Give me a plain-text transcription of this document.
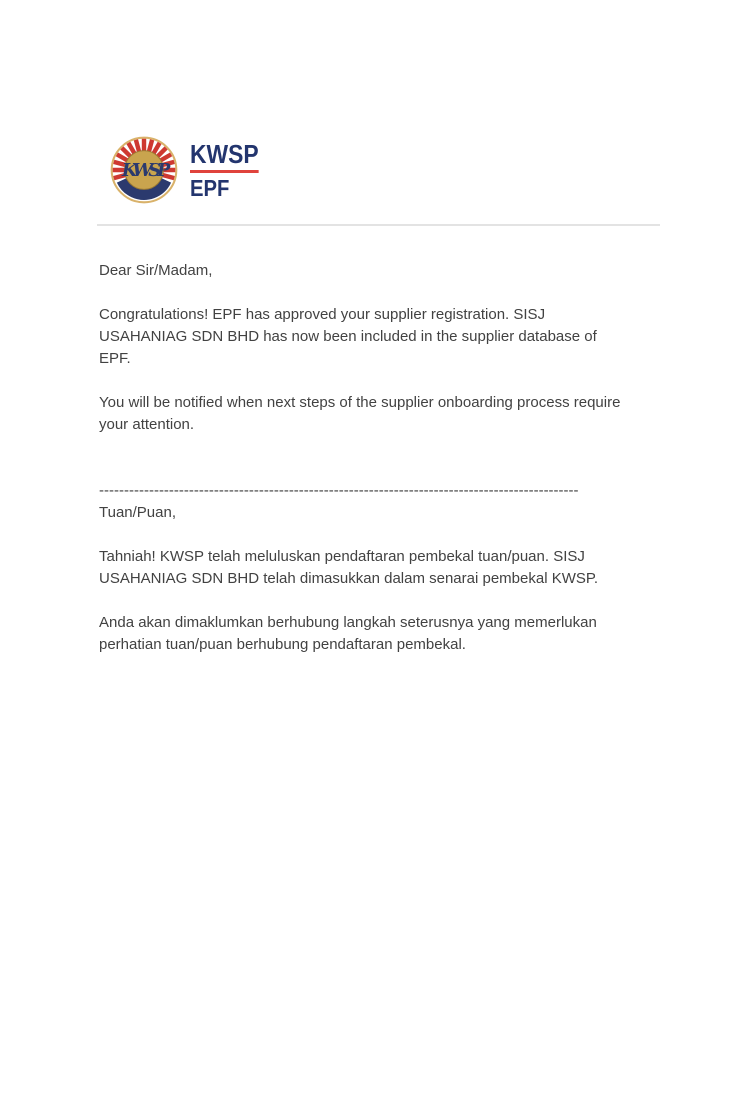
KWSP
KWSP
EPF
Dear Sir/Madam,
Congratulations! EPF has approved your supplier registration. SISJ
USAHANIAG SDN BHD has now been included in the supplier database of
EPF.
You will be notified when next steps of the supplier onboarding process require
your attention.
------------------------------------------------------------------------------------------------
Tuan/Puan,
Tahniah! KWSP telah meluluskan pendaftaran pembekal tuan/puan. SISJ
USAHANIAG SDN BHD telah dimasukkan dalam senarai pembekal KWSP.
Anda akan dimaklumkan berhubung langkah seterusnya yang memerlukan
perhatian tuan/puan berhubung pendaftaran pembekal.
